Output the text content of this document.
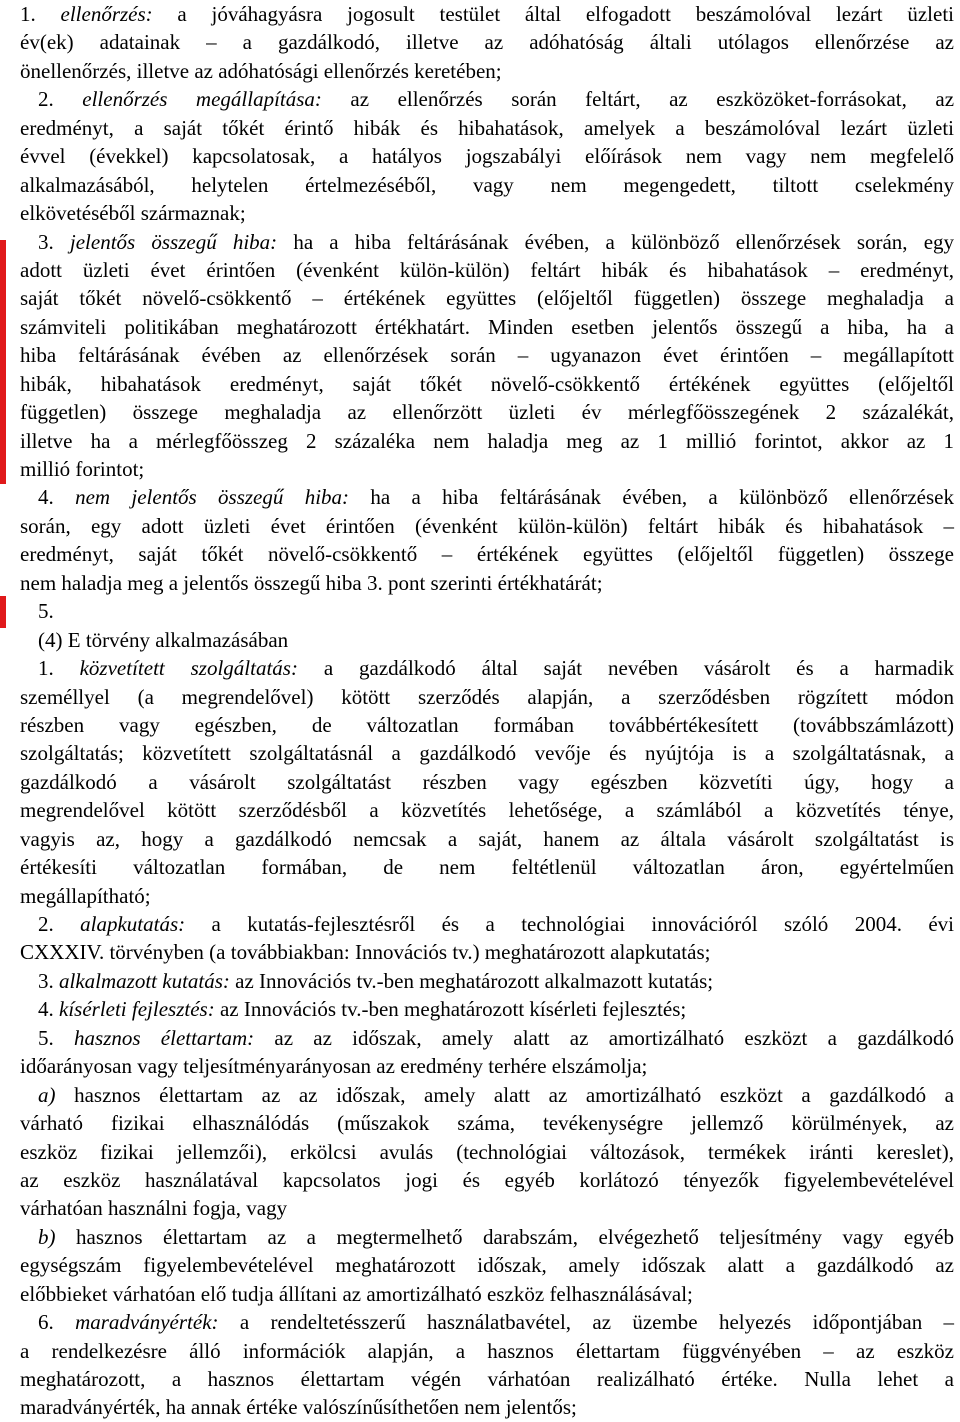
1. ellenőrzés: a jóváhagyásra jogosult testület által elfogadott beszámolóval lezárt üzleti
év(ek) adatainak – a gazdálkodó, illetve az adóhatóság általi utólagos ellenőrzése az
önellenőrzés, illetve az adóhatósági ellenőrzés keretében;
2. ellenőrzés megállapítása: az ellenőrzés során feltárt, az eszközöket-forrásokat, az
eredményt, a saját tőkét érintő hibák és hibahatások, amelyek a beszámolóval lezárt üzleti
évvel (évekkel) kapcsolatosak, a hatályos jogszabályi előírások nem vagy nem megfelelő
alkalmazásából, helytelen értelmezéséből, vagy nem megengedett, tiltott cselekmény
elkövetéséből származnak;
3. jelentős összegű hiba: ha a hiba feltárásának évében, a különböző ellenőrzések során, egy
adott üzleti évet érintően (évenként külön-külön) feltárt hibák és hibahatások – eredményt,
saját tőkét növelő-csökkentő – értékének együttes (előjeltől független) összege meghaladja a
számviteli politikában meghatározott értékhatárt. Minden esetben jelentős összegű a hiba, ha a
hiba feltárásának évében az ellenőrzések során – ugyanazon évet érintően – megállapított
hibák, hibahatások eredményt, saját tőkét növelő-csökkentő értékének együttes (előjeltől
független) összege meghaladja az ellenőrzött üzleti év mérlegfőösszegének 2 százalékát,
illetve ha a mérlegfőösszeg 2 százaléka nem haladja meg az 1 millió forintot, akkor az 1
millió forintot;
4. nem jelentős összegű hiba: ha a hiba feltárásának évében, a különböző ellenőrzések
során, egy adott üzleti évet érintően (évenként külön-külön) feltárt hibák és hibahatások –
eredményt, saját tőkét növelő-csökkentő – értékének együttes (előjeltől független) összege
nem haladja meg a jelentős összegű hiba 3. pont szerinti értékhatárát;
5.
(4) E törvény alkalmazásában
1. közvetített szolgáltatás: a gazdálkodó által saját nevében vásárolt és a harmadik
személlyel (a megrendelővel) kötött szerződés alapján, a szerződésben rögzített módon
részben vagy egészben, de változatlan formában továbbértékesített (továbbszámlázott)
szolgáltatás; közvetített szolgáltatásnál a gazdálkodó vevője és nyújtója is a szolgáltatásnak, a
gazdálkodó a vásárolt szolgáltatást részben vagy egészben közvetíti úgy, hogy a
megrendelővel kötött szerződésből a közvetítés lehetősége, a számlából a közvetítés ténye,
vagyis az, hogy a gazdálkodó nemcsak a saját, hanem az általa vásárolt szolgáltatást is
értékesíti változatlan formában, de nem feltétlenül változatlan áron, egyértelműen
megállapítható;
2. alapkutatás: a kutatás-fejlesztésről és a technológiai innovációról szóló 2004. évi
CXXXIV. törvényben (a továbbiakban: Innovációs tv.) meghatározott alapkutatás;
3. alkalmazott kutatás: az Innovációs tv.-ben meghatározott alkalmazott kutatás;
4. kísérleti fejlesztés: az Innovációs tv.-ben meghatározott kísérleti fejlesztés;
5. hasznos élettartam: az az időszak, amely alatt az amortizálható eszközt a gazdálkodó
időarányosan vagy teljesítményarányosan az eredmény terhére elszámolja;
a) hasznos élettartam az az időszak, amely alatt az amortizálható eszközt a gazdálkodó a
várható fizikai elhasználódás (műszakok száma, tevékenységre jellemző körülmények, az
eszköz fizikai jellemzői), erkölcsi avulás (technológiai változások, termékek iránti kereslet),
az eszköz használatával kapcsolatos jogi és egyéb korlátozó tényezők figyelembevételével
várhatóan használni fogja, vagy
b) hasznos élettartam az a megtermelhető darabszám, elvégezhető teljesítmény vagy egyéb
egységszám figyelembevételével meghatározott időszak, amely időszak alatt a gazdálkodó az
előbbieket várhatóan elő tudja állítani az amortizálható eszköz felhasználásával;
6. maradványérték: a rendeltetésszerű használatbavétel, az üzembe helyezés időpontjában –
a rendelkezésre álló információk alapján, a hasznos élettartam függvényében – az eszköz
meghatározott, a hasznos élettartam végén várhatóan realizálható értéke. Nulla lehet a
maradványérték, ha annak értéke valószínűsíthetően nem jelentős;
